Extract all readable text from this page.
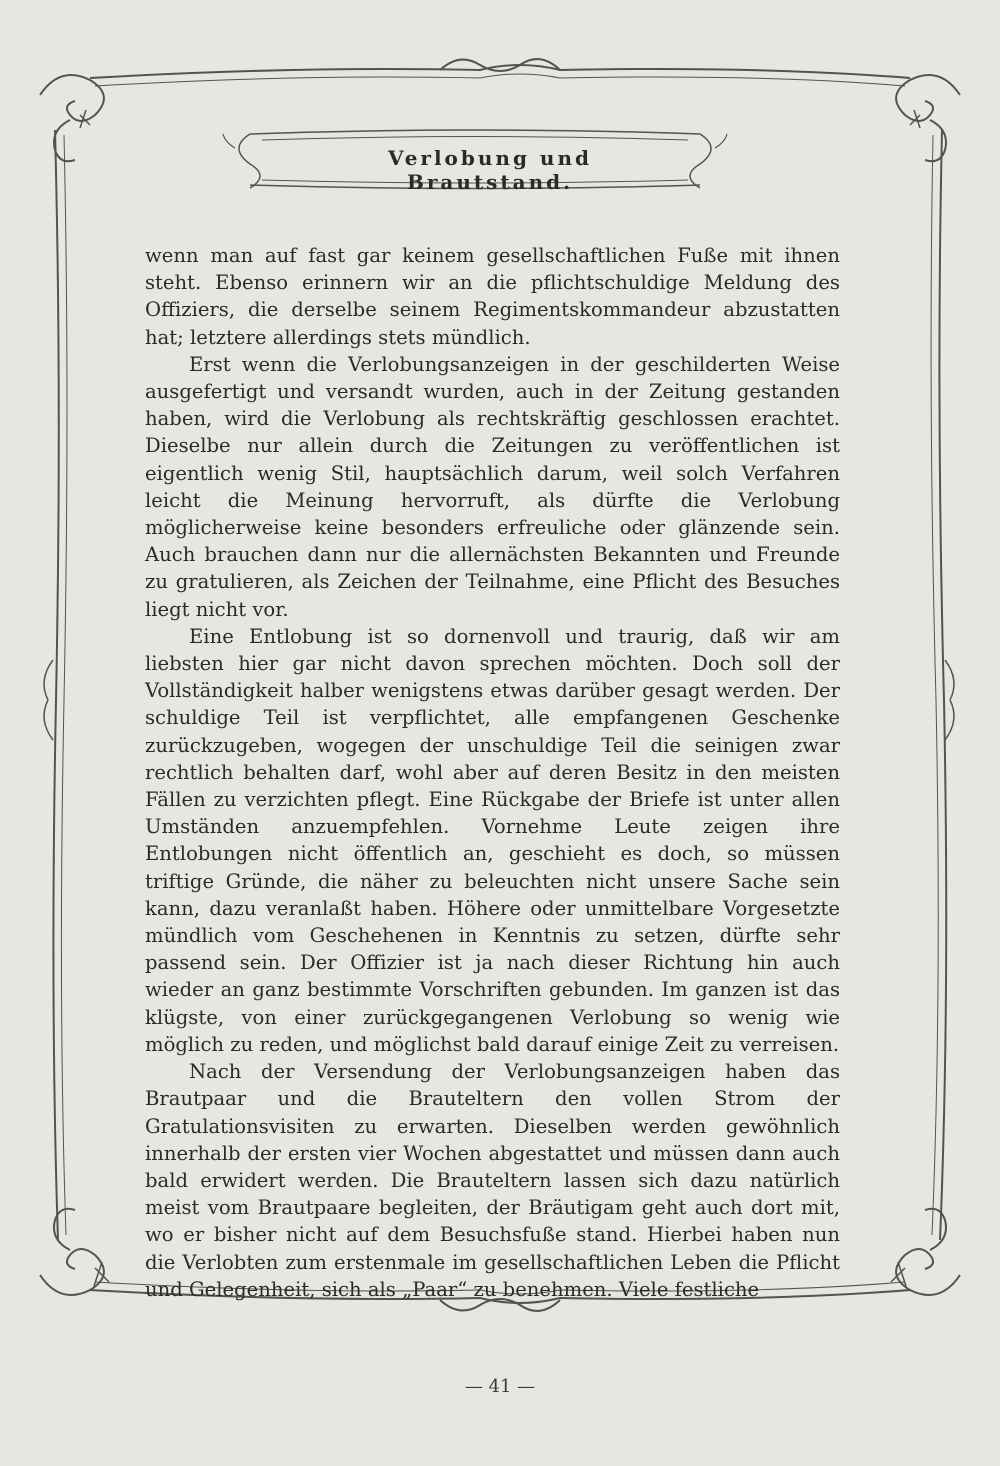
Verlobung und Brautstand.

wenn man auf fast gar keinem gesellschaftlichen Fuße mit ihnen steht. Ebenso erinnern wir an die pflichtschuldige Meldung des Offiziers, die derselbe seinem Regimentskommandeur abzustatten hat; letztere allerdings stets mündlich.

Erst wenn die Verlobungsanzeigen in der geschilderten Weise ausgefertigt und versandt wurden, auch in der Zeitung gestanden haben, wird die Verlobung als rechtskräftig geschlossen erachtet. Dieselbe nur allein durch die Zeitungen zu veröffentlichen ist eigentlich wenig Stil, hauptsächlich darum, weil solch Verfahren leicht die Meinung hervorruft, als dürfte die Verlobung möglicherweise keine besonders erfreuliche oder glänzende sein. Auch brauchen dann nur die allernächsten Bekannten und Freunde zu gratulieren, als Zeichen der Teilnahme, eine Pflicht des Besuches liegt nicht vor.

Eine Entlobung ist so dornenvoll und traurig, daß wir am liebsten hier gar nicht davon sprechen möchten. Doch soll der Vollständigkeit halber wenigstens etwas darüber gesagt werden. Der schuldige Teil ist verpflichtet, alle empfangenen Geschenke zurückzugeben, wogegen der unschuldige Teil die seinigen zwar rechtlich behalten darf, wohl aber auf deren Besitz in den meisten Fällen zu verzichten pflegt. Eine Rückgabe der Briefe ist unter allen Umständen anzuempfehlen. Vornehme Leute zeigen ihre Entlobungen nicht öffentlich an, geschieht es doch, so müssen triftige Gründe, die näher zu beleuchten nicht unsere Sache sein kann, dazu veranlaßt haben. Höhere oder unmittelbare Vorgesetzte mündlich vom Geschehenen in Kenntnis zu setzen, dürfte sehr passend sein. Der Offizier ist ja nach dieser Richtung hin auch wieder an ganz bestimmte Vorschriften gebunden. Im ganzen ist das klügste, von einer zurückgegangenen Verlobung so wenig wie möglich zu reden, und möglichst bald darauf einige Zeit zu verreisen.

Nach der Versendung der Verlobungsanzeigen haben das Brautpaar und die Brauteltern den vollen Strom der Gratulationsvisiten zu erwarten. Dieselben werden gewöhnlich innerhalb der ersten vier Wochen abgestattet und müssen dann auch bald erwidert werden. Die Brauteltern lassen sich dazu natürlich meist vom Brautpaare begleiten, der Bräutigam geht auch dort mit, wo er bisher nicht auf dem Besuchsfuße stand. Hierbei haben nun die Verlobten zum erstenmale im gesellschaftlichen Leben die Pflicht und Gelegenheit, sich als „Paar“ zu benehmen. Viele festliche

— 41 —
